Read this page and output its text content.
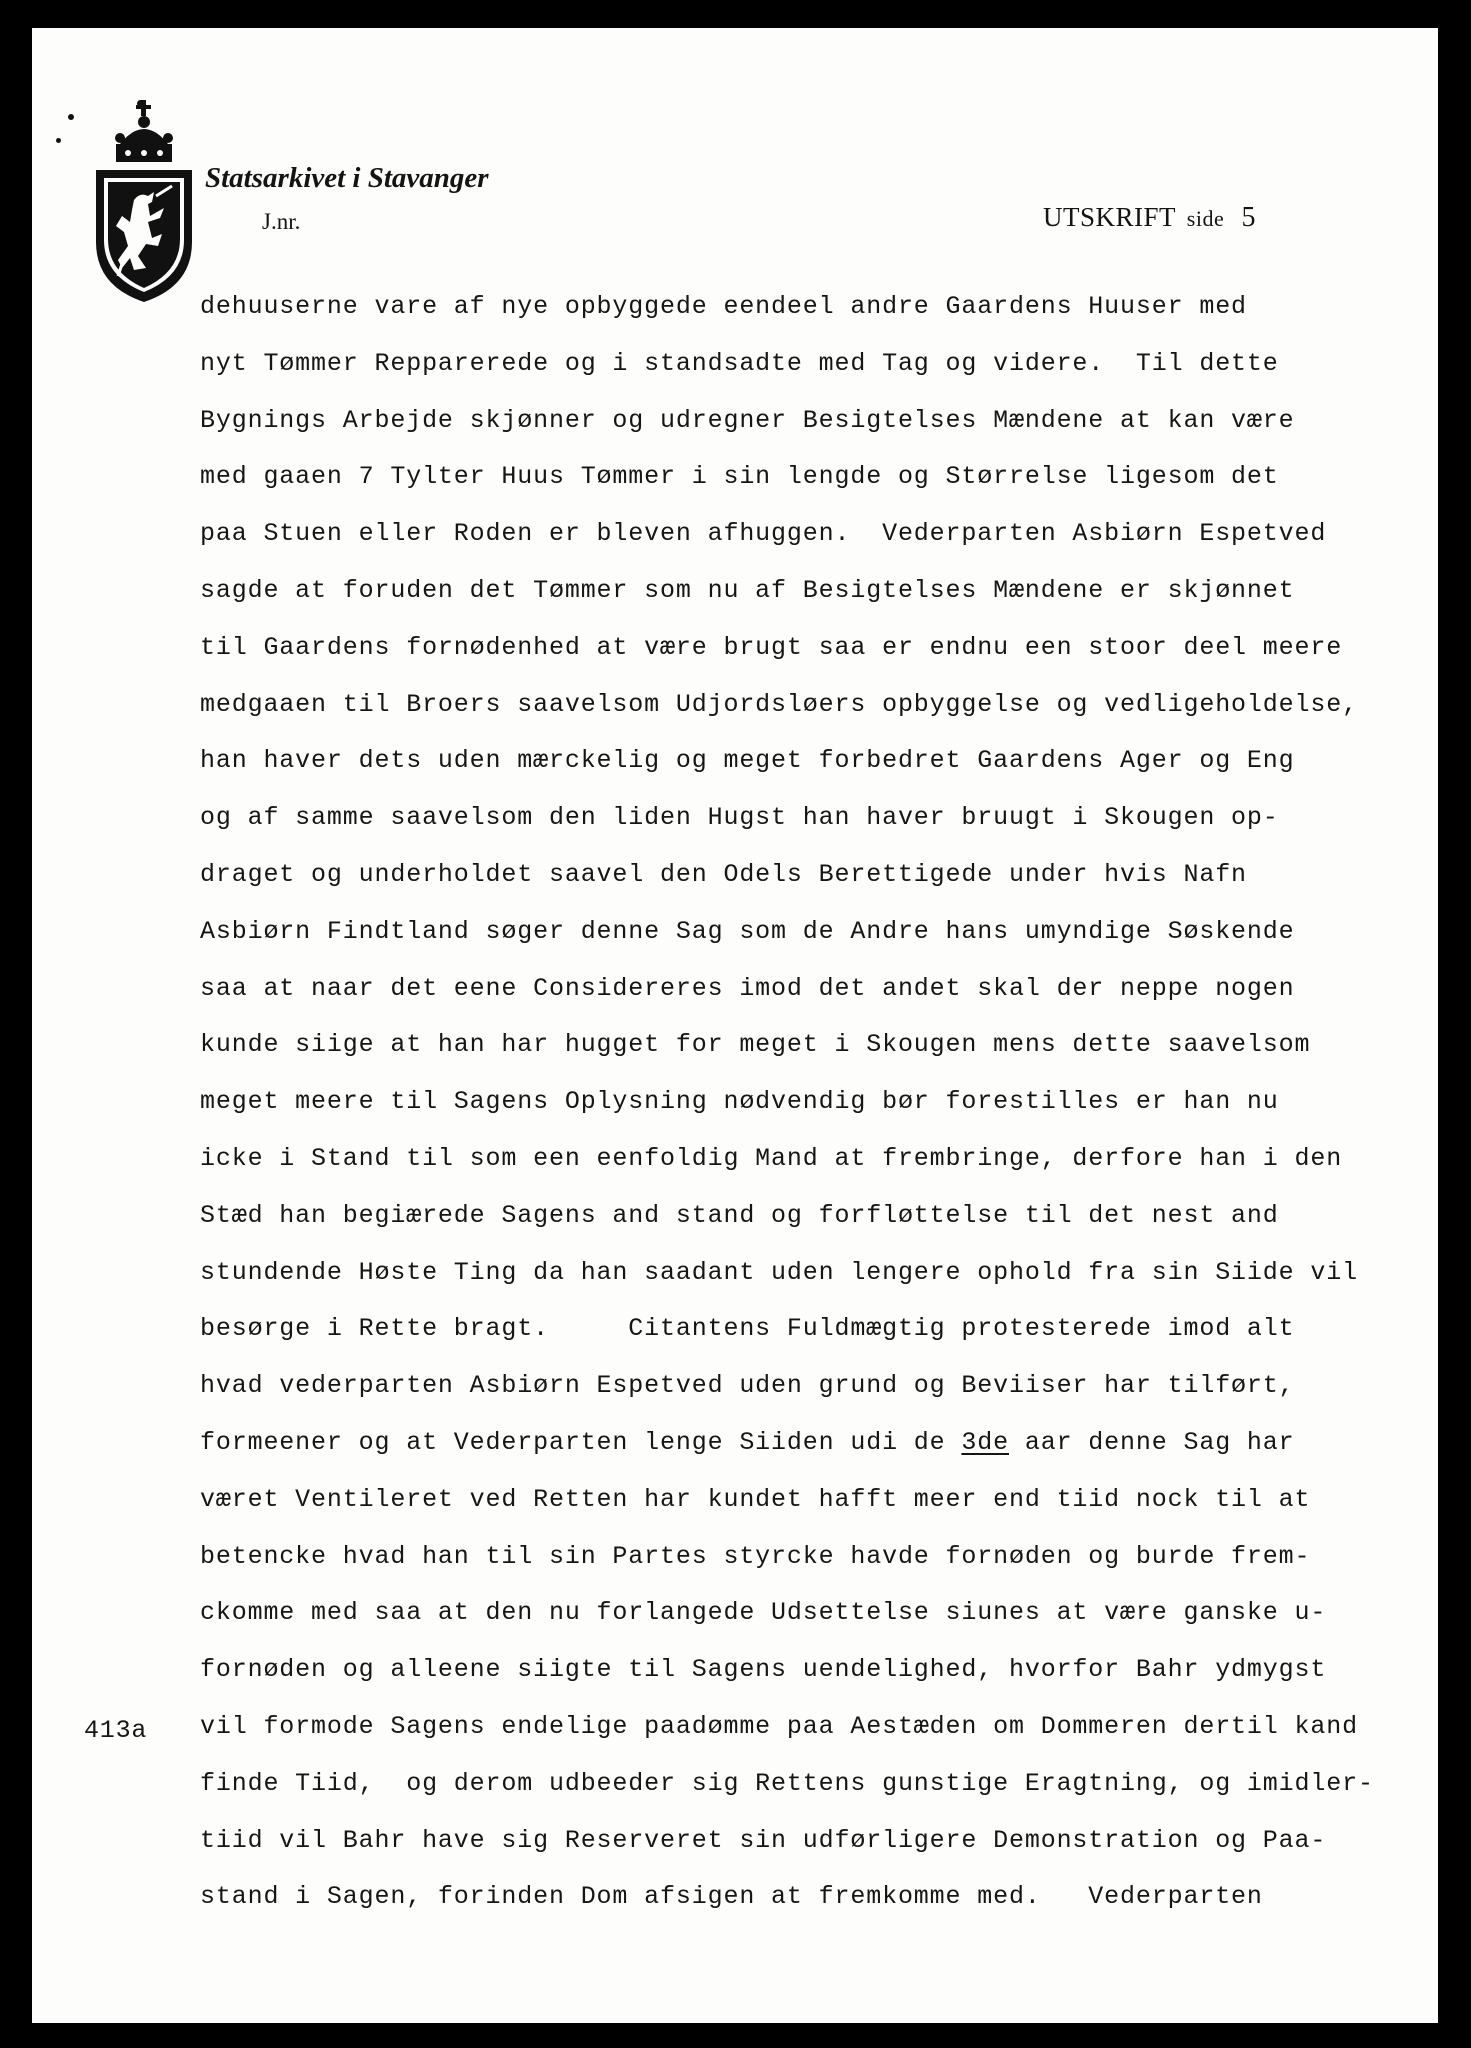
Statsarkivet i Stavanger
J.nr.	UTSKRIFT side 5
413a
dehuuserne vare af nye opbyggede eendeel andre Gaardens Huuser med
nyt Tømmer Repparerede og i standsadte med Tag og videre.  Til dette
Bygnings Arbejde skjønner og udregner Besigtelses Mændene at kan være
med gaaen 7 Tylter Huus Tømmer i sin lengde og Størrelse ligesom det
paa Stuen eller Roden er bleven afhuggen.  Vederparten Asbiørn Espetved
sagde at foruden det Tømmer som nu af Besigtelses Mændene er skjønnet
til Gaardens fornødenhed at være brugt saa er endnu een stoor deel meere
medgaaen til Broers saavelsom Udjordsløers opbyggelse og vedligeholdelse,
han haver dets uden mærckelig og meget forbedret Gaardens Ager og Eng
og af samme saavelsom den liden Hugst han haver bruugt i Skougen op-
draget og underholdet saavel den Odels Berettigede under hvis Nafn
Asbiørn Findtland søger denne Sag som de Andre hans umyndige Søskende
saa at naar det eene Considereres imod det andet skal der neppe nogen
kunde siige at han har hugget for meget i Skougen mens dette saavelsom
meget meere til Sagens Oplysning nødvendig bør forestilles er han nu
icke i Stand til som een eenfoldig Mand at frembringe, derfore han i den
Stæd han begiærede Sagens and stand og forfløttelse til det nest and
stundende Høste Ting da han saadant uden lengere ophold fra sin Siide vil
besørge i Rette bragt.     Citantens Fuldmægtig protesterede imod alt
hvad vederparten Asbiørn Espetved uden grund og Beviiser har tilført,
formeener og at Vederparten lenge Siiden udi de 3de aar denne Sag har
været Ventileret ved Retten har kundet hafft meer end tiid nock til at
betencke hvad han til sin Partes styrcke havde fornøden og burde frem-
ckomme med saa at den nu forlangede Udsettelse siunes at være ganske u-
fornøden og alleene siigte til Sagens uendelighed, hvorfor Bahr ydmygst
vil formode Sagens endelige paadømme paa Aestæden om Dommeren dertil kand
finde Tiid,  og derom udbeeder sig Rettens gunstige Eragtning, og imidler-
tiid vil Bahr have sig Reserveret sin udførligere Demonstration og Paa-
stand i Sagen, forinden Dom afsigen at fremkomme med.   Vederparten
